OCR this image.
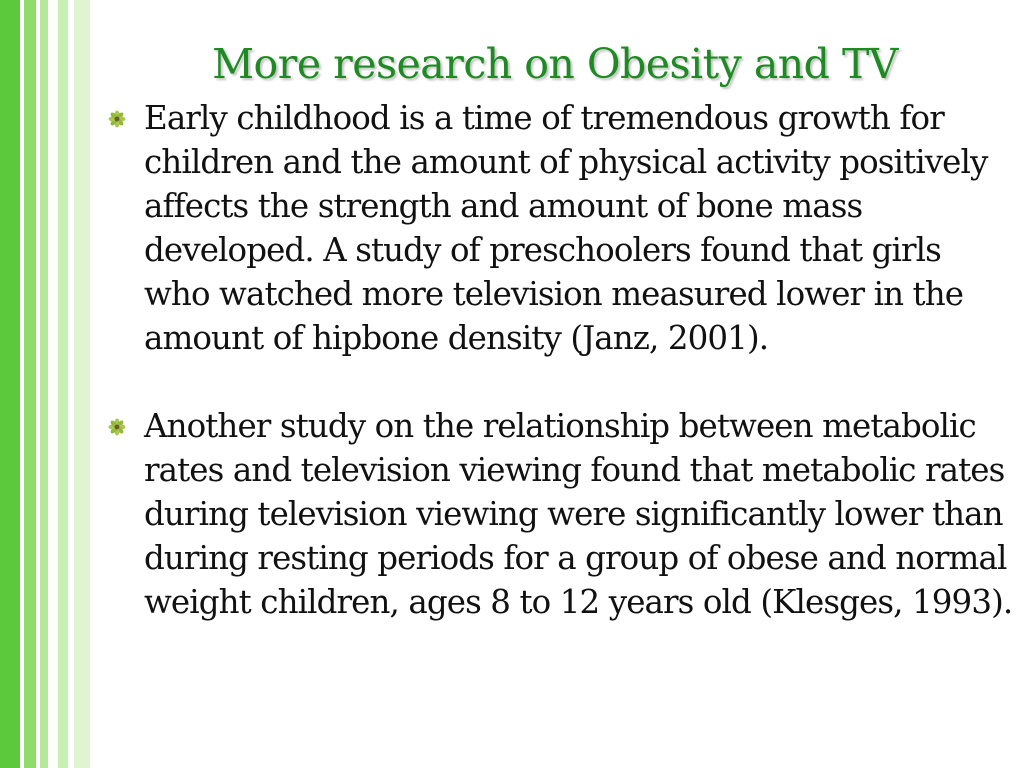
More research on Obesity and TV
Early childhood is a time of tremendous growth for children and the amount of physical activity positively affects the strength and amount of bone mass developed. A study of preschoolers found that girls who watched more television measured lower in the amount of hipbone density (Janz, 2001).
Another study on the relationship between metabolic rates and television viewing found that metabolic rates during television viewing were significantly lower than during resting periods for a group of obese and normal weight children, ages 8 to 12 years old (Klesges, 1993).
